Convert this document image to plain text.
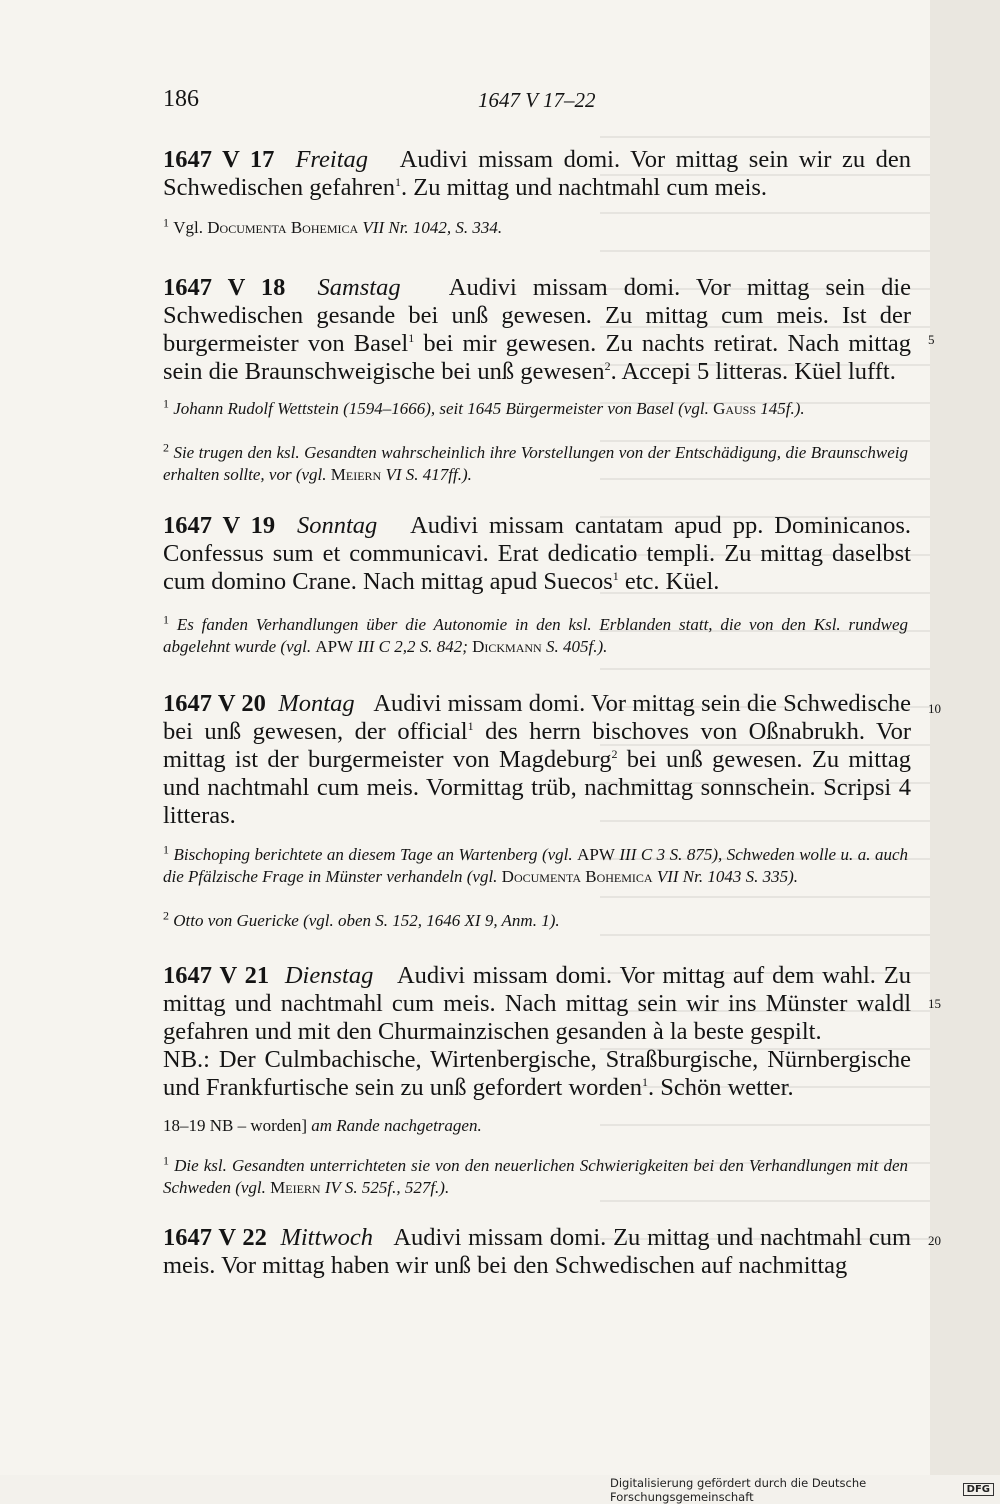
186	1647 V 17–22
1647 V 17 Freitag Audivi missam domi. Vor mittag sein wir zu den Schwedischen gefahren$^1$. Zu mittag und nachtmahl cum meis.
$^1$ Vgl. Documenta Bohemica VII Nr. 1042, S. 334.
1647 V 18 Samstag Audivi missam domi. Vor mittag sein die Schwedischen gesande bei unß gewesen. Zu mittag cum meis. Ist der burgermeister von Basel$^1$ bei mir gewesen. Zu nachts retirat. Nach mittag sein die Braunschweigische bei unß gewesen$^2$. Accepi 5 litteras. Küel lufft.
$^1$ Johann Rudolf Wettstein (1594–1666), seit 1645 Bürgermeister von Basel (vgl. Gauss 145f.).
$^2$ Sie trugen den ksl. Gesandten wahrscheinlich ihre Vorstellungen von der Entschädigung, die Braunschweig erhalten sollte, vor (vgl. Meiern VI S. 417ff.).
1647 V 19 Sonntag Audivi missam cantatam apud pp. Dominicanos. Confessus sum et communicavi. Erat dedicatio templi. Zu mittag daselbst cum domino Crane. Nach mittag apud Suecos$^1$ etc. Küel.
$^1$ Es fanden Verhandlungen über die Autonomie in den ksl. Erblanden statt, die von den Ksl. rundweg abgelehnt wurde (vgl. APW III C 2,2 S. 842; Dickmann S. 405f.).
1647 V 20 Montag Audivi missam domi. Vor mittag sein die Schwedische bei unß gewesen, der official$^1$ des herrn bischoves von Oßnabrukh. Vor mittag ist der burgermeister von Magdeburg$^2$ bei unß gewesen. Zu mittag und nachtmahl cum meis. Vormittag trüb, nachmittag sonnschein. Scripsi 4 litteras.
$^1$ Bischoping berichtete an diesem Tage an Wartenberg (vgl. APW III C 3 S. 875), Schweden wolle u. a. auch die Pfälzische Frage in Münster verhandeln (vgl. Documenta Bohemica VII Nr. 1043 S. 335).
$^2$ Otto von Guericke (vgl. oben S. 152, 1646 XI 9, Anm. 1).
1647 V 21 Dienstag Audivi missam domi. Vor mittag auf dem wahl. Zu mittag und nachtmahl cum meis. Nach mittag sein wir ins Münster waldl gefahren und mit den Churmainzischen gesanden à la beste gespilt.
NB.: Der Culmbachische, Wirtenbergische, Straßburgische, Nürnbergische und Frankfurtische sein zu unß gefordert worden$^1$. Schön wetter.
18–19 NB – worden] am Rande nachgetragen.
$^1$ Die ksl. Gesandten unterrichteten sie von den neuerlichen Schwierigkeiten bei den Verhandlungen mit den Schweden (vgl. Meiern IV S. 525f., 527f.).
1647 V 22 Mittwoch Audivi missam domi. Zu mittag und nachtmahl cum meis. Vor mittag haben wir unß bei den Schwedischen auf nachmittag
5
10
15
20
Digitalisierung gefördert durch die Deutsche Forschungsgemeinschaft	DFG
